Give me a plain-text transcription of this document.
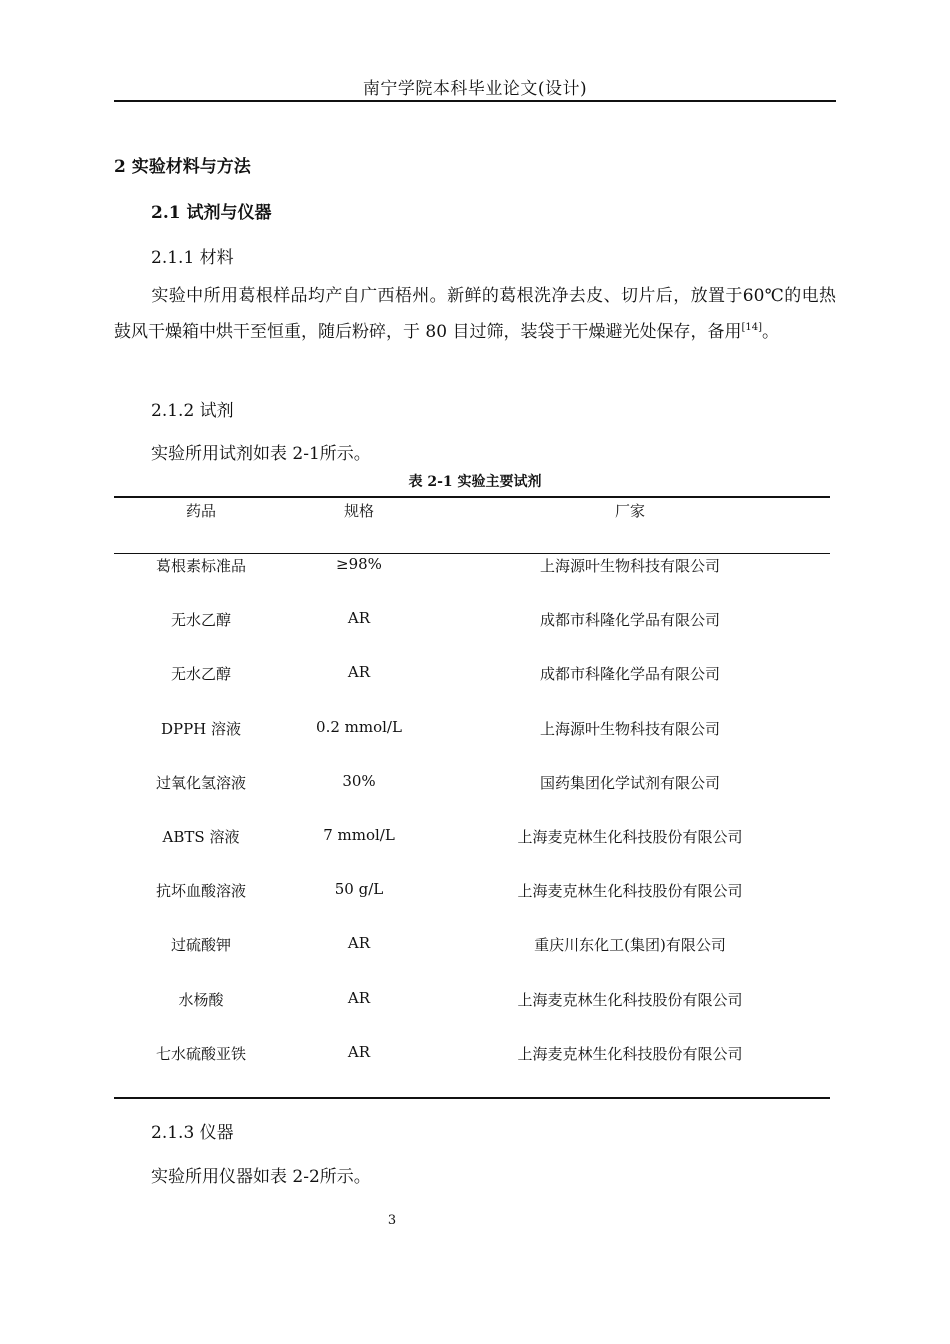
南宁学院本科毕业论文(设计)
2 实验材料与方法
2.1 试剂与仪器
2.1.1 材料
实验中所用葛根样品均产自广西梧州。新鲜的葛根洗净去皮、切片后，放置于60℃的电热鼓风干燥箱中烘干至恒重，随后粉碎，于 80 目过筛，装袋于干燥避光处保存，备用[14]。
2.1.2 试剂
实验所用试剂如表 2-1所示。
表 2-1 实验主要试剂
药品	规格	厂家
葛根素标准品	≥98%	上海源叶生物科技有限公司
无水乙醇	AR	成都市科隆化学品有限公司
无水乙醇	AR	成都市科隆化学品有限公司
DPPH 溶液	0.2 mmol/L	上海源叶生物科技有限公司
过氧化氢溶液	30%	国药集团化学试剂有限公司
ABTS 溶液	7 mmol/L	上海麦克林生化科技股份有限公司
抗坏血酸溶液	50 g/L	上海麦克林生化科技股份有限公司
过硫酸钾	AR	重庆川东化工(集团)有限公司
水杨酸	AR	上海麦克林生化科技股份有限公司
七水硫酸亚铁	AR	上海麦克林生化科技股份有限公司
2.1.3 仪器
实验所用仪器如表 2-2所示。
3
